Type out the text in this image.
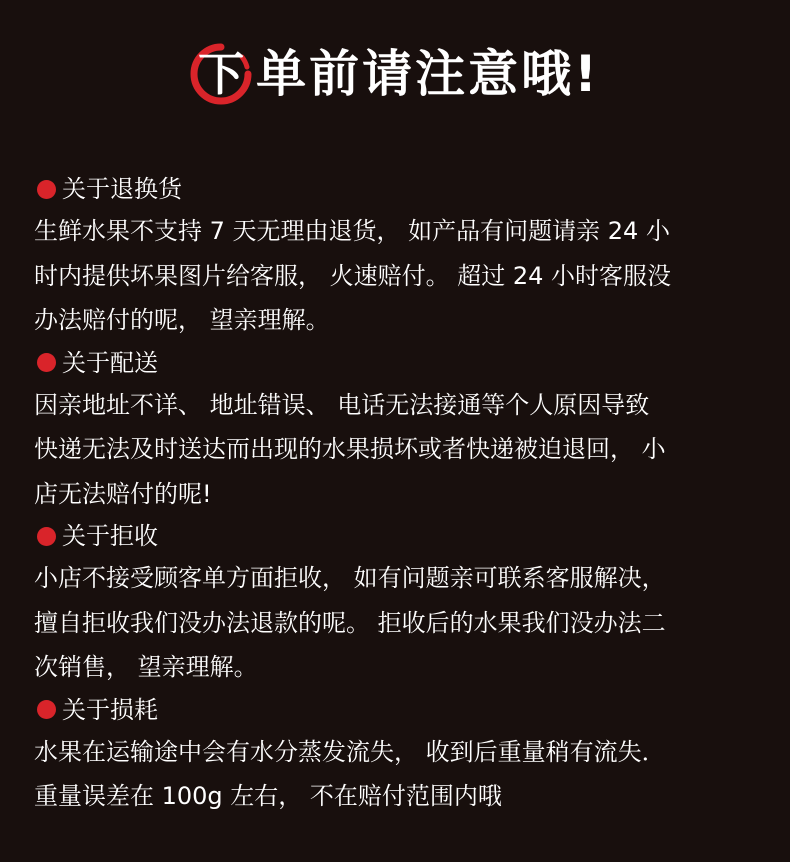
下 单前请注意哦!
关于退换货
生鲜水果不支持 7 天无理由退货， 如产品有问题请亲 24 小
时内提供坏果图片给客服， 火速赔付。 超过 24 小时客服没
办法赔付的呢， 望亲理解。
关于配送
因亲地址不详、 地址错误、 电话无法接通等个人原因导致
快递无法及时送达而出现的水果损坏或者快递被迫退回， 小
店无法赔付的呢!
关于拒收
小店不接受顾客单方面拒收， 如有问题亲可联系客服解决，
擅自拒收我们没办法退款的呢。 拒收后的水果我们没办法二
次销售， 望亲理解。
关于损耗
水果在运输途中会有水分蒸发流失， 收到后重量稍有流失．
重量误差在 100g 左右， 不在赔付范围内哦
